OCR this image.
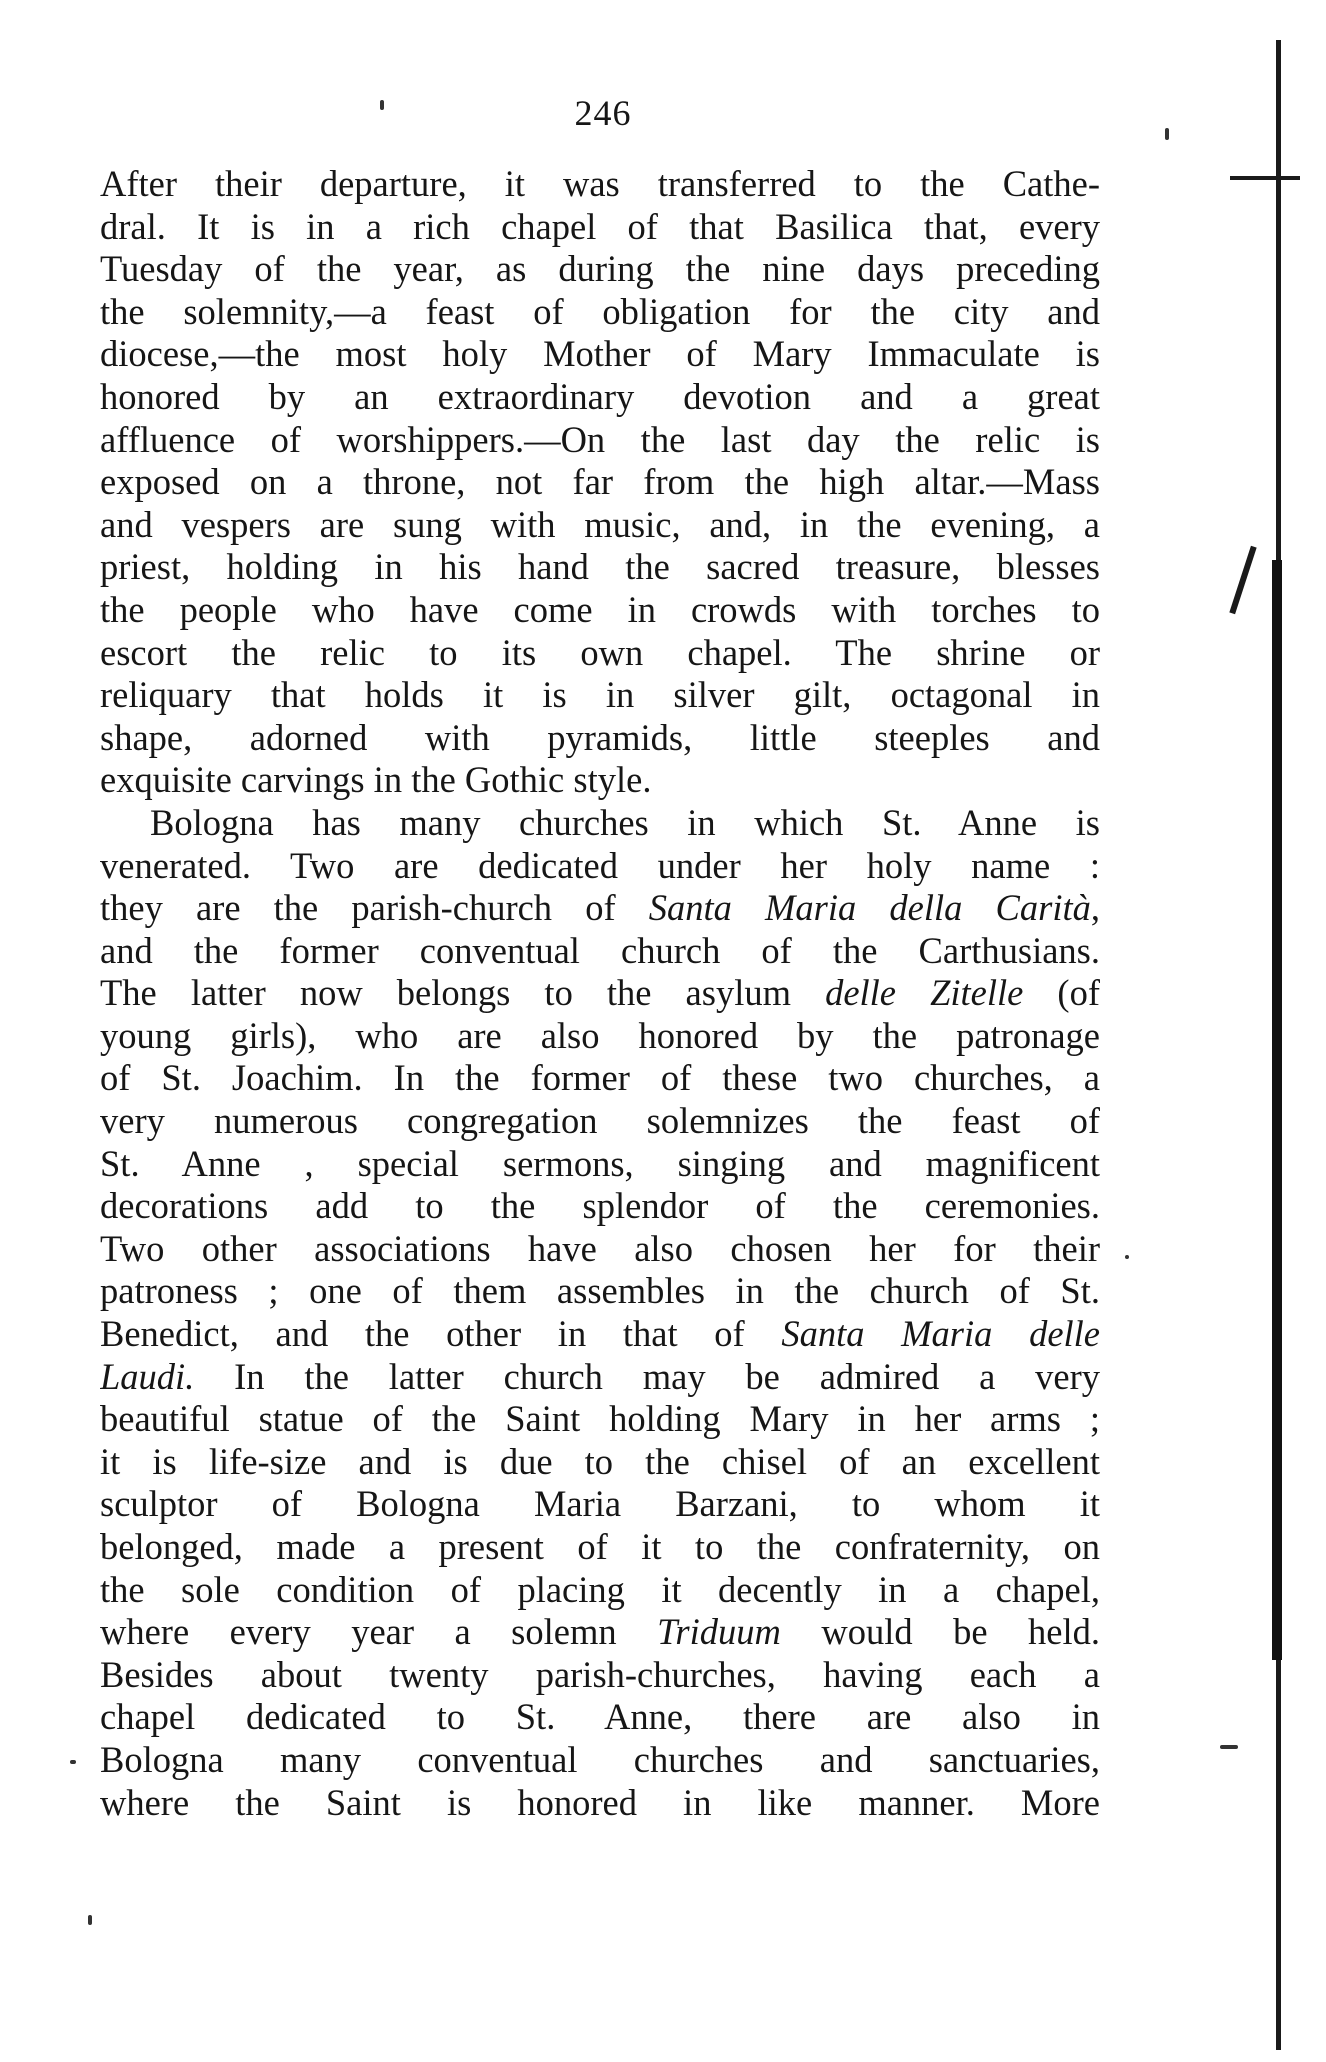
246
After their departure, it was transferred to the Cathe-
dral. It is in a rich chapel of that Basilica that, every
Tuesday of the year, as during the nine days preceding
the solemnity,—a feast of obligation for the city and
diocese,—the most holy Mother of Mary Immaculate is
honored by an extraordinary devotion and a great
affluence of worshippers.—On the last day the relic is
exposed on a throne, not far from the high altar.—Mass
and vespers are sung with music, and, in the evening, a
priest, holding in his hand the sacred treasure, blesses
the people who have come in crowds with torches to
escort the relic to its own chapel. The shrine or
reliquary that holds it is in silver gilt, octagonal in
shape, adorned with pyramids, little steeples and
exquisite carvings in the Gothic style.
Bologna has many churches in which St. Anne is
venerated. Two are dedicated under her holy name :
they are the parish-church of Santa Maria della Carità,
and the former conventual church of the Carthusians.
The latter now belongs to the asylum delle Zitelle (of
young girls), who are also honored by the patronage
of St. Joachim. In the former of these two churches, a
very numerous congregation solemnizes the feast of
St. Anne , special sermons, singing and magnificent
decorations add to the splendor of the ceremonies.
Two other associations have also chosen her for their
patroness ; one of them assembles in the church of St.
Benedict, and the other in that of Santa Maria delle
Laudi. In the latter church may be admired a very
beautiful statue of the Saint holding Mary in her arms ;
it is life-size and is due to the chisel of an excellent
sculptor of Bologna Maria Barzani, to whom it
belonged, made a present of it to the confraternity, on
the sole condition of placing it decently in a chapel,
where every year a solemn Triduum would be held.
Besides about twenty parish-churches, having each a
chapel dedicated to St. Anne, there are also in
Bologna many conventual churches and sanctuaries,
where the Saint is honored in like manner. More
